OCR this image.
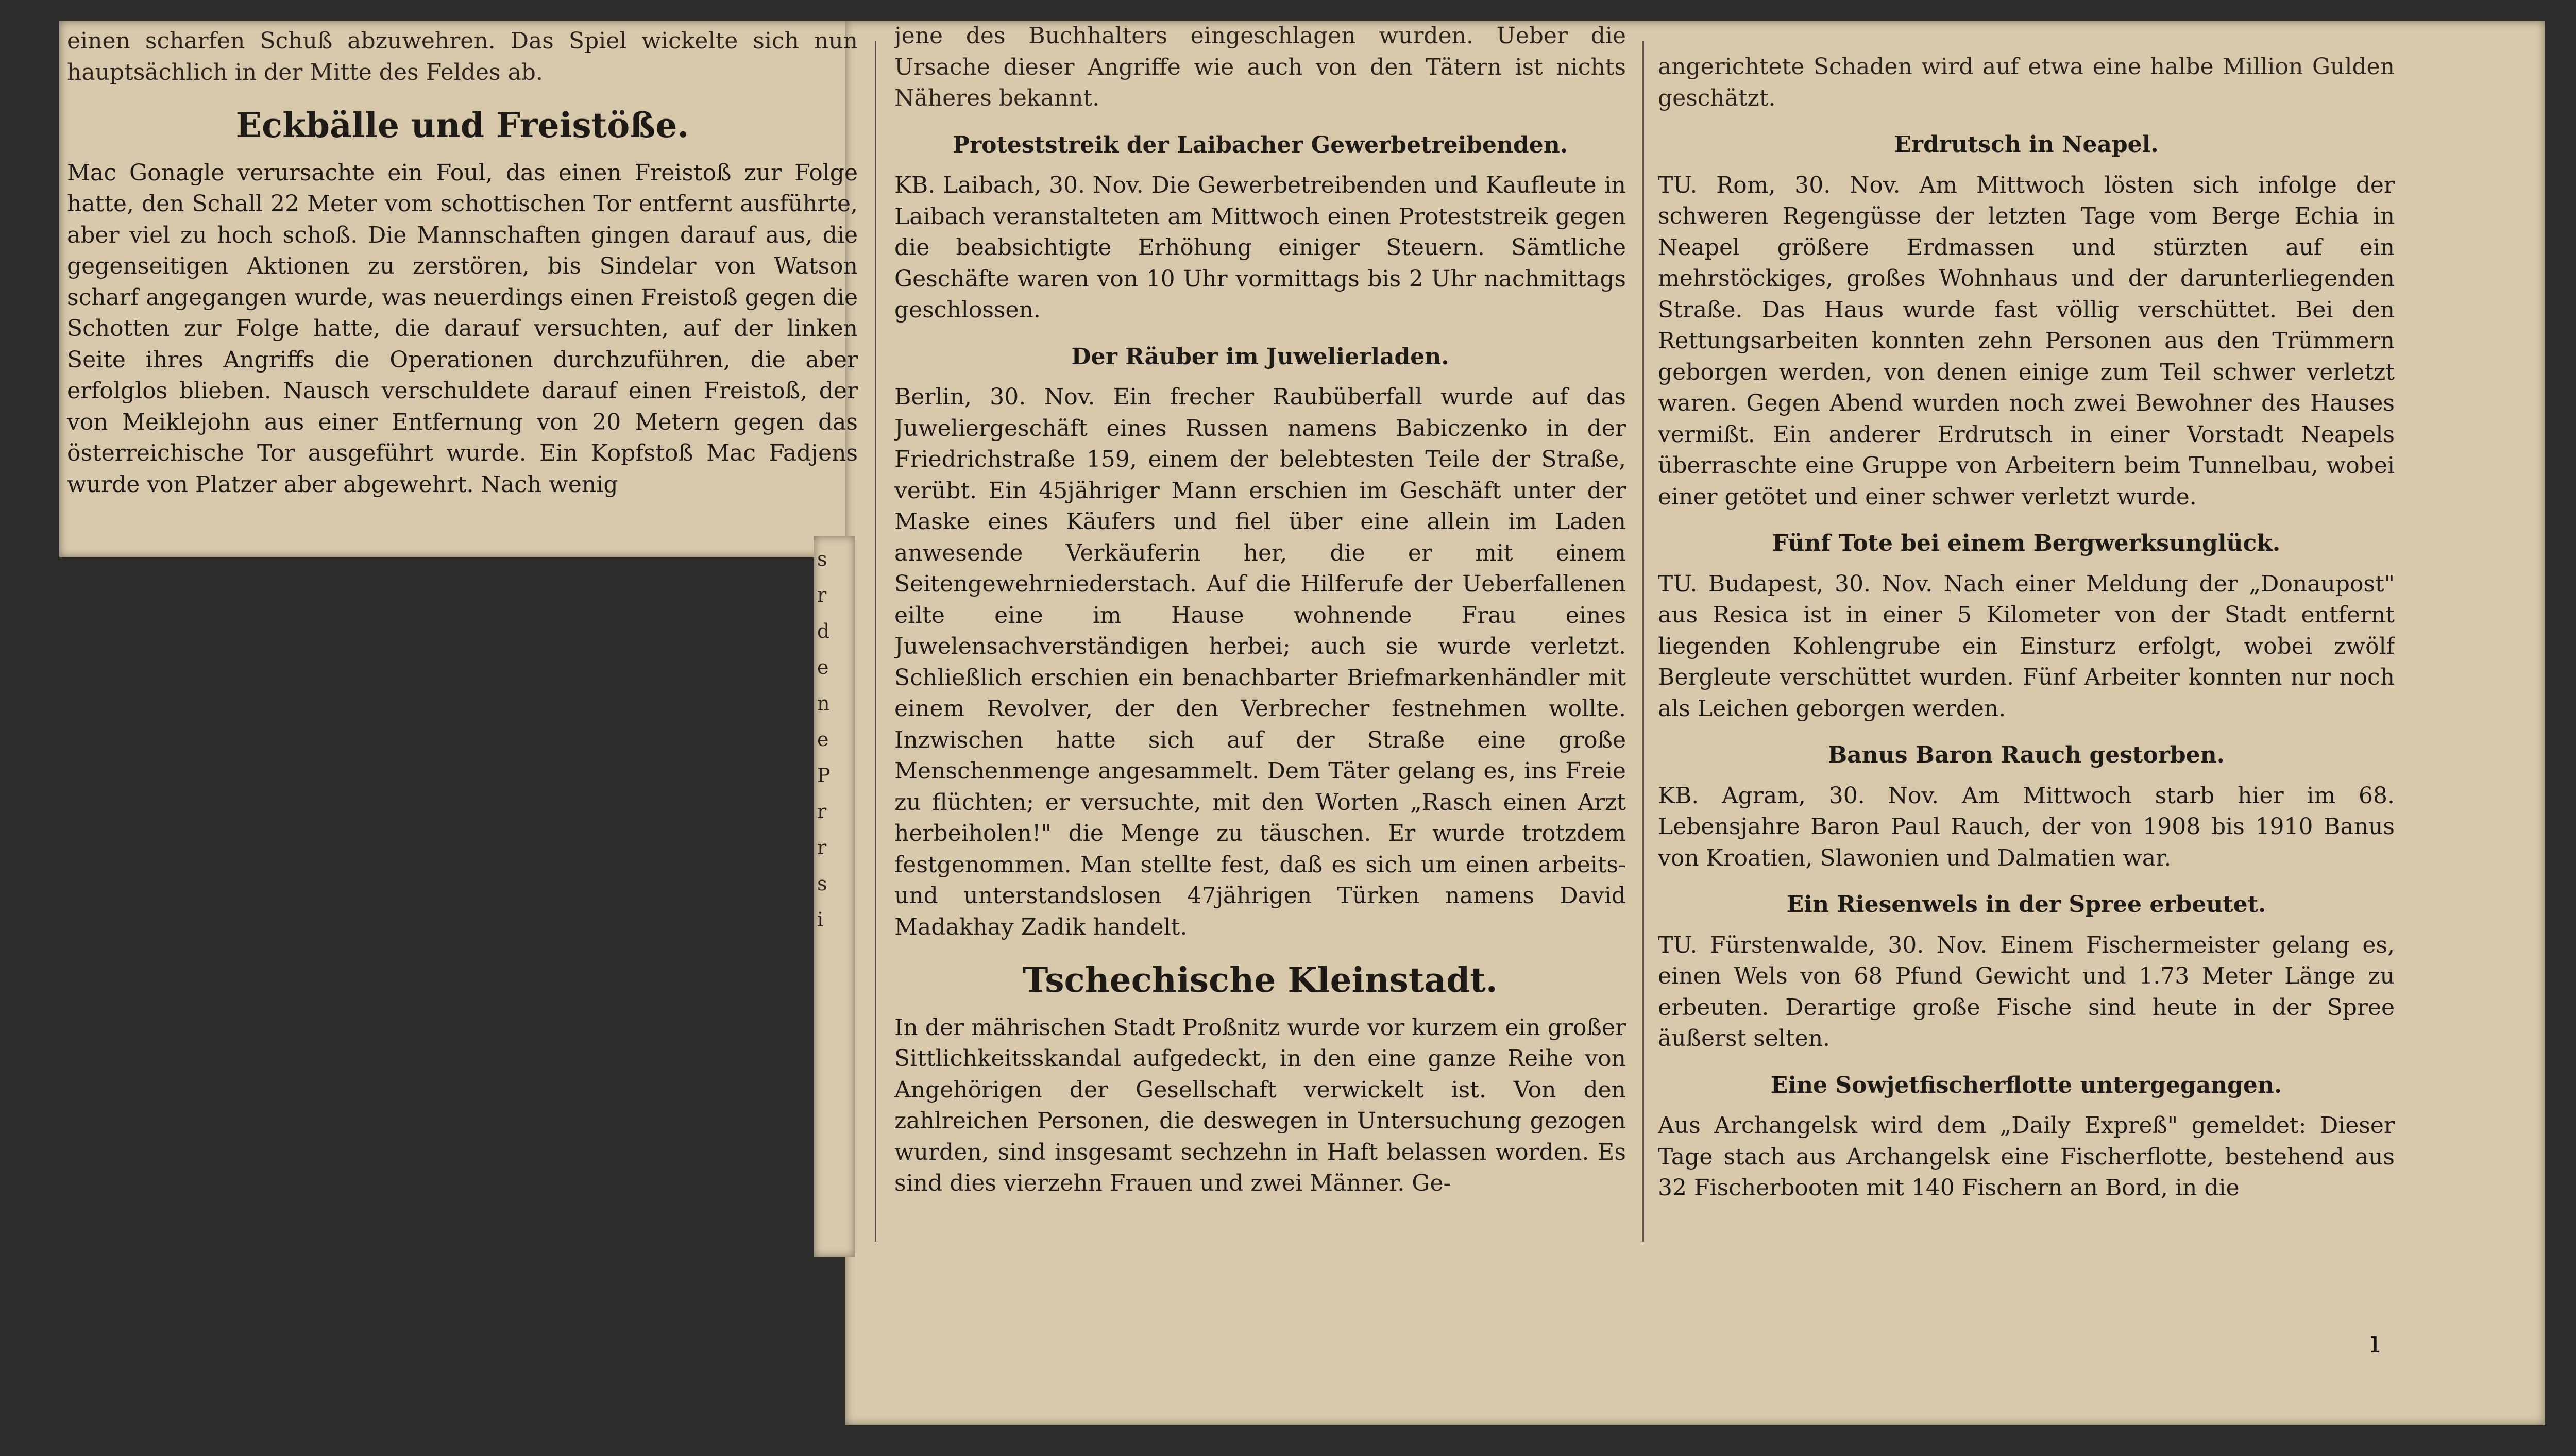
einen scharfen Schuß abzuwehren. Das Spiel wickelte sich nun hauptsächlich in der Mitte des Feldes ab.

Eckbälle und Freistöße.

Mac Gonagle verursachte ein Foul, das einen Freistoß zur Folge hatte, den Schall 22 Meter vom schottischen Tor entfernt ausführte, aber viel zu hoch schoß. Die Mannschaften gingen darauf aus, die gegenseitigen Aktionen zu zerstören, bis Sindelar von Watson scharf angegangen wurde, was neuerdings einen Freistoß gegen die Schotten zur Folge hatte, die darauf versuchten, auf der linken Seite ihres Angriffs die Operationen durchzuführen, die aber erfolglos blieben. Nausch verschuldete darauf einen Freistoß, der von Meiklejohn aus einer Entfernung von 20 Metern gegen das österreichische Tor ausgeführt wurde. Ein Kopfstoß Mac Fadjens wurde von Platzer aber abgewehrt. Nach wenig

s r d e n e P r r s i

jene des Buchhalters eingeschlagen wurden. Ueber die Ursache dieser Angriffe wie auch von den Tätern ist nichts Näheres bekannt.

Proteststreik der Laibacher Gewerbetreibenden.

KB. Laibach, 30. Nov. Die Gewerbetreibenden und Kaufleute in Laibach veranstalteten am Mittwoch einen Proteststreik gegen die beabsichtigte Erhöhung einiger Steuern. Sämtliche Geschäfte waren von 10 Uhr vormittags bis 2 Uhr nachmittags geschlossen.

Der Räuber im Juwelierladen.

Berlin, 30. Nov. Ein frecher Raubüberfall wurde auf das Juweliergeschäft eines Russen namens Babiczenko in der Friedrichstraße 159, einem der belebtesten Teile der Straße, verübt. Ein 45jähriger Mann erschien im Geschäft unter der Maske eines Käufers und fiel über eine allein im Laden anwesende Verkäuferin her, die er mit einem Seitengewehrniederstach. Auf die Hilferufe der Ueberfallenen eilte eine im Hause wohnende Frau eines Juwelensachverständigen herbei; auch sie wurde verletzt. Schließlich erschien ein benachbarter Briefmarkenhändler mit einem Revolver, der den Verbrecher festnehmen wollte. Inzwischen hatte sich auf der Straße eine große Menschenmenge angesammelt. Dem Täter gelang es, ins Freie zu flüchten; er versuchte, mit den Worten „Rasch einen Arzt herbeiholen!" die Menge zu täuschen. Er wurde trotzdem festgenommen. Man stellte fest, daß es sich um einen arbeits- und unterstandslosen 47jährigen Türken namens David Madakhay Zadik handelt.

Tschechische Kleinstadt.

In der mährischen Stadt Proßnitz wurde vor kurzem ein großer Sittlichkeitsskandal aufgedeckt, in den eine ganze Reihe von Angehörigen der Gesellschaft verwickelt ist. Von den zahlreichen Personen, die deswegen in Untersuchung gezogen wurden, sind insgesamt sechzehn in Haft belassen worden. Es sind dies vierzehn Frauen und zwei Männer. Ge-

angerichtete Schaden wird auf etwa eine halbe Million Gulden geschätzt.

Erdrutsch in Neapel.

TU. Rom, 30. Nov. Am Mittwoch lösten sich infolge der schweren Regengüsse der letzten Tage vom Berge Echia in Neapel größere Erdmassen und stürzten auf ein mehrstöckiges, großes Wohnhaus und der darunterliegenden Straße. Das Haus wurde fast völlig verschüttet. Bei den Rettungsarbeiten konnten zehn Personen aus den Trümmern geborgen werden, von denen einige zum Teil schwer verletzt waren. Gegen Abend wurden noch zwei Bewohner des Hauses vermißt. Ein anderer Erdrutsch in einer Vorstadt Neapels überraschte eine Gruppe von Arbeitern beim Tunnelbau, wobei einer getötet und einer schwer verletzt wurde.

Fünf Tote bei einem Bergwerksunglück.

TU. Budapest, 30. Nov. Nach einer Meldung der „Donaupost" aus Resica ist in einer 5 Kilometer von der Stadt entfernt liegenden Kohlengrube ein Einsturz erfolgt, wobei zwölf Bergleute verschüttet wurden. Fünf Arbeiter konnten nur noch als Leichen geborgen werden.

Banus Baron Rauch gestorben.

KB. Agram, 30. Nov. Am Mittwoch starb hier im 68. Lebensjahre Baron Paul Rauch, der von 1908 bis 1910 Banus von Kroatien, Slawonien und Dalmatien war.

Ein Riesenwels in der Spree erbeutet.

TU. Fürstenwalde, 30. Nov. Einem Fischermeister gelang es, einen Wels von 68 Pfund Gewicht und 1.73 Meter Länge zu erbeuten. Derartige große Fische sind heute in der Spree äußerst selten.

Eine Sowjetfischerflotte untergegangen.

Aus Archangelsk wird dem „Daily Expreß" gemeldet: Dieser Tage stach aus Archangelsk eine Fischerflotte, bestehend aus 32 Fischerbooten mit 140 Fischern an Bord, in die

ı
